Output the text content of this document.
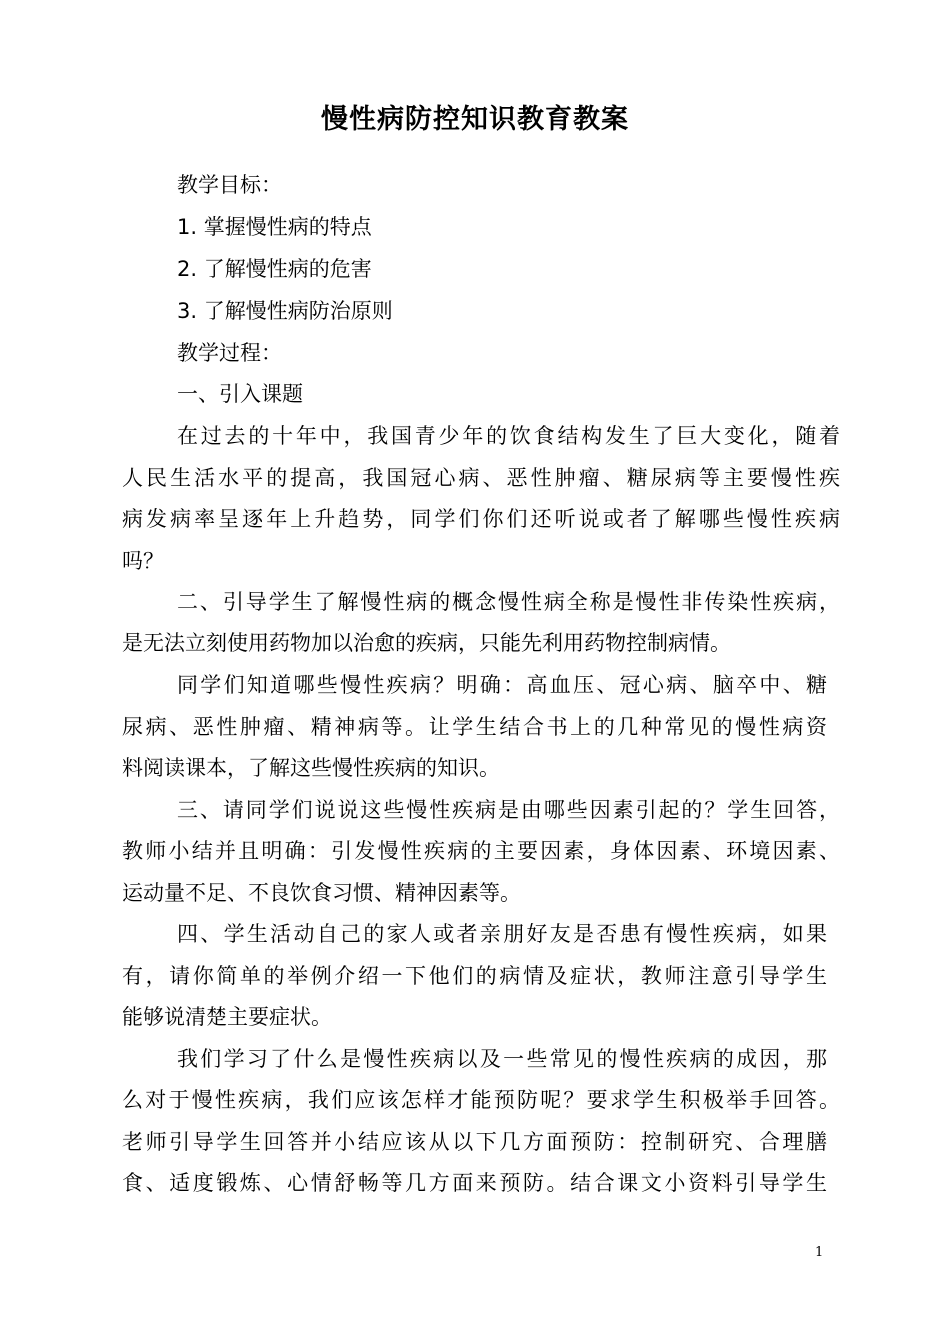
慢性病防控知识教育教案
教学目标：
1. 掌握慢性病的特点
2. 了解慢性病的危害
3. 了解慢性病防治原则
教学过程：
一、引入课题
在过去的十年中，我国青少年的饮食结构发生了巨大变化，随着
人民生活水平的提高，我国冠心病、恶性肿瘤、糖尿病等主要慢性疾
病发病率呈逐年上升趋势，同学们你们还听说或者了解哪些慢性疾病
吗？
二、引导学生了解慢性病的概念慢性病全称是慢性非传染性疾病，
是无法立刻使用药物加以治愈的疾病，只能先利用药物控制病情。
同学们知道哪些慢性疾病？明确：高血压、冠心病、脑卒中、糖
尿病、恶性肿瘤、精神病等。让学生结合书上的几种常见的慢性病资
料阅读课本，了解这些慢性疾病的知识。
三、请同学们说说这些慢性疾病是由哪些因素引起的？学生回答，
教师小结并且明确：引发慢性疾病的主要因素，身体因素、环境因素、
运动量不足、不良饮食习惯、精神因素等。
四、学生活动自己的家人或者亲朋好友是否患有慢性疾病，如果
有，请你简单的举例介绍一下他们的病情及症状，教师注意引导学生
能够说清楚主要症状。
我们学习了什么是慢性疾病以及一些常见的慢性疾病的成因，那
么对于慢性疾病，我们应该怎样才能预防呢？要求学生积极举手回答。
老师引导学生回答并小结应该从以下几方面预防：控制研究、合理膳
食、适度锻炼、心情舒畅等几方面来预防。结合课文小资料引导学生
1
